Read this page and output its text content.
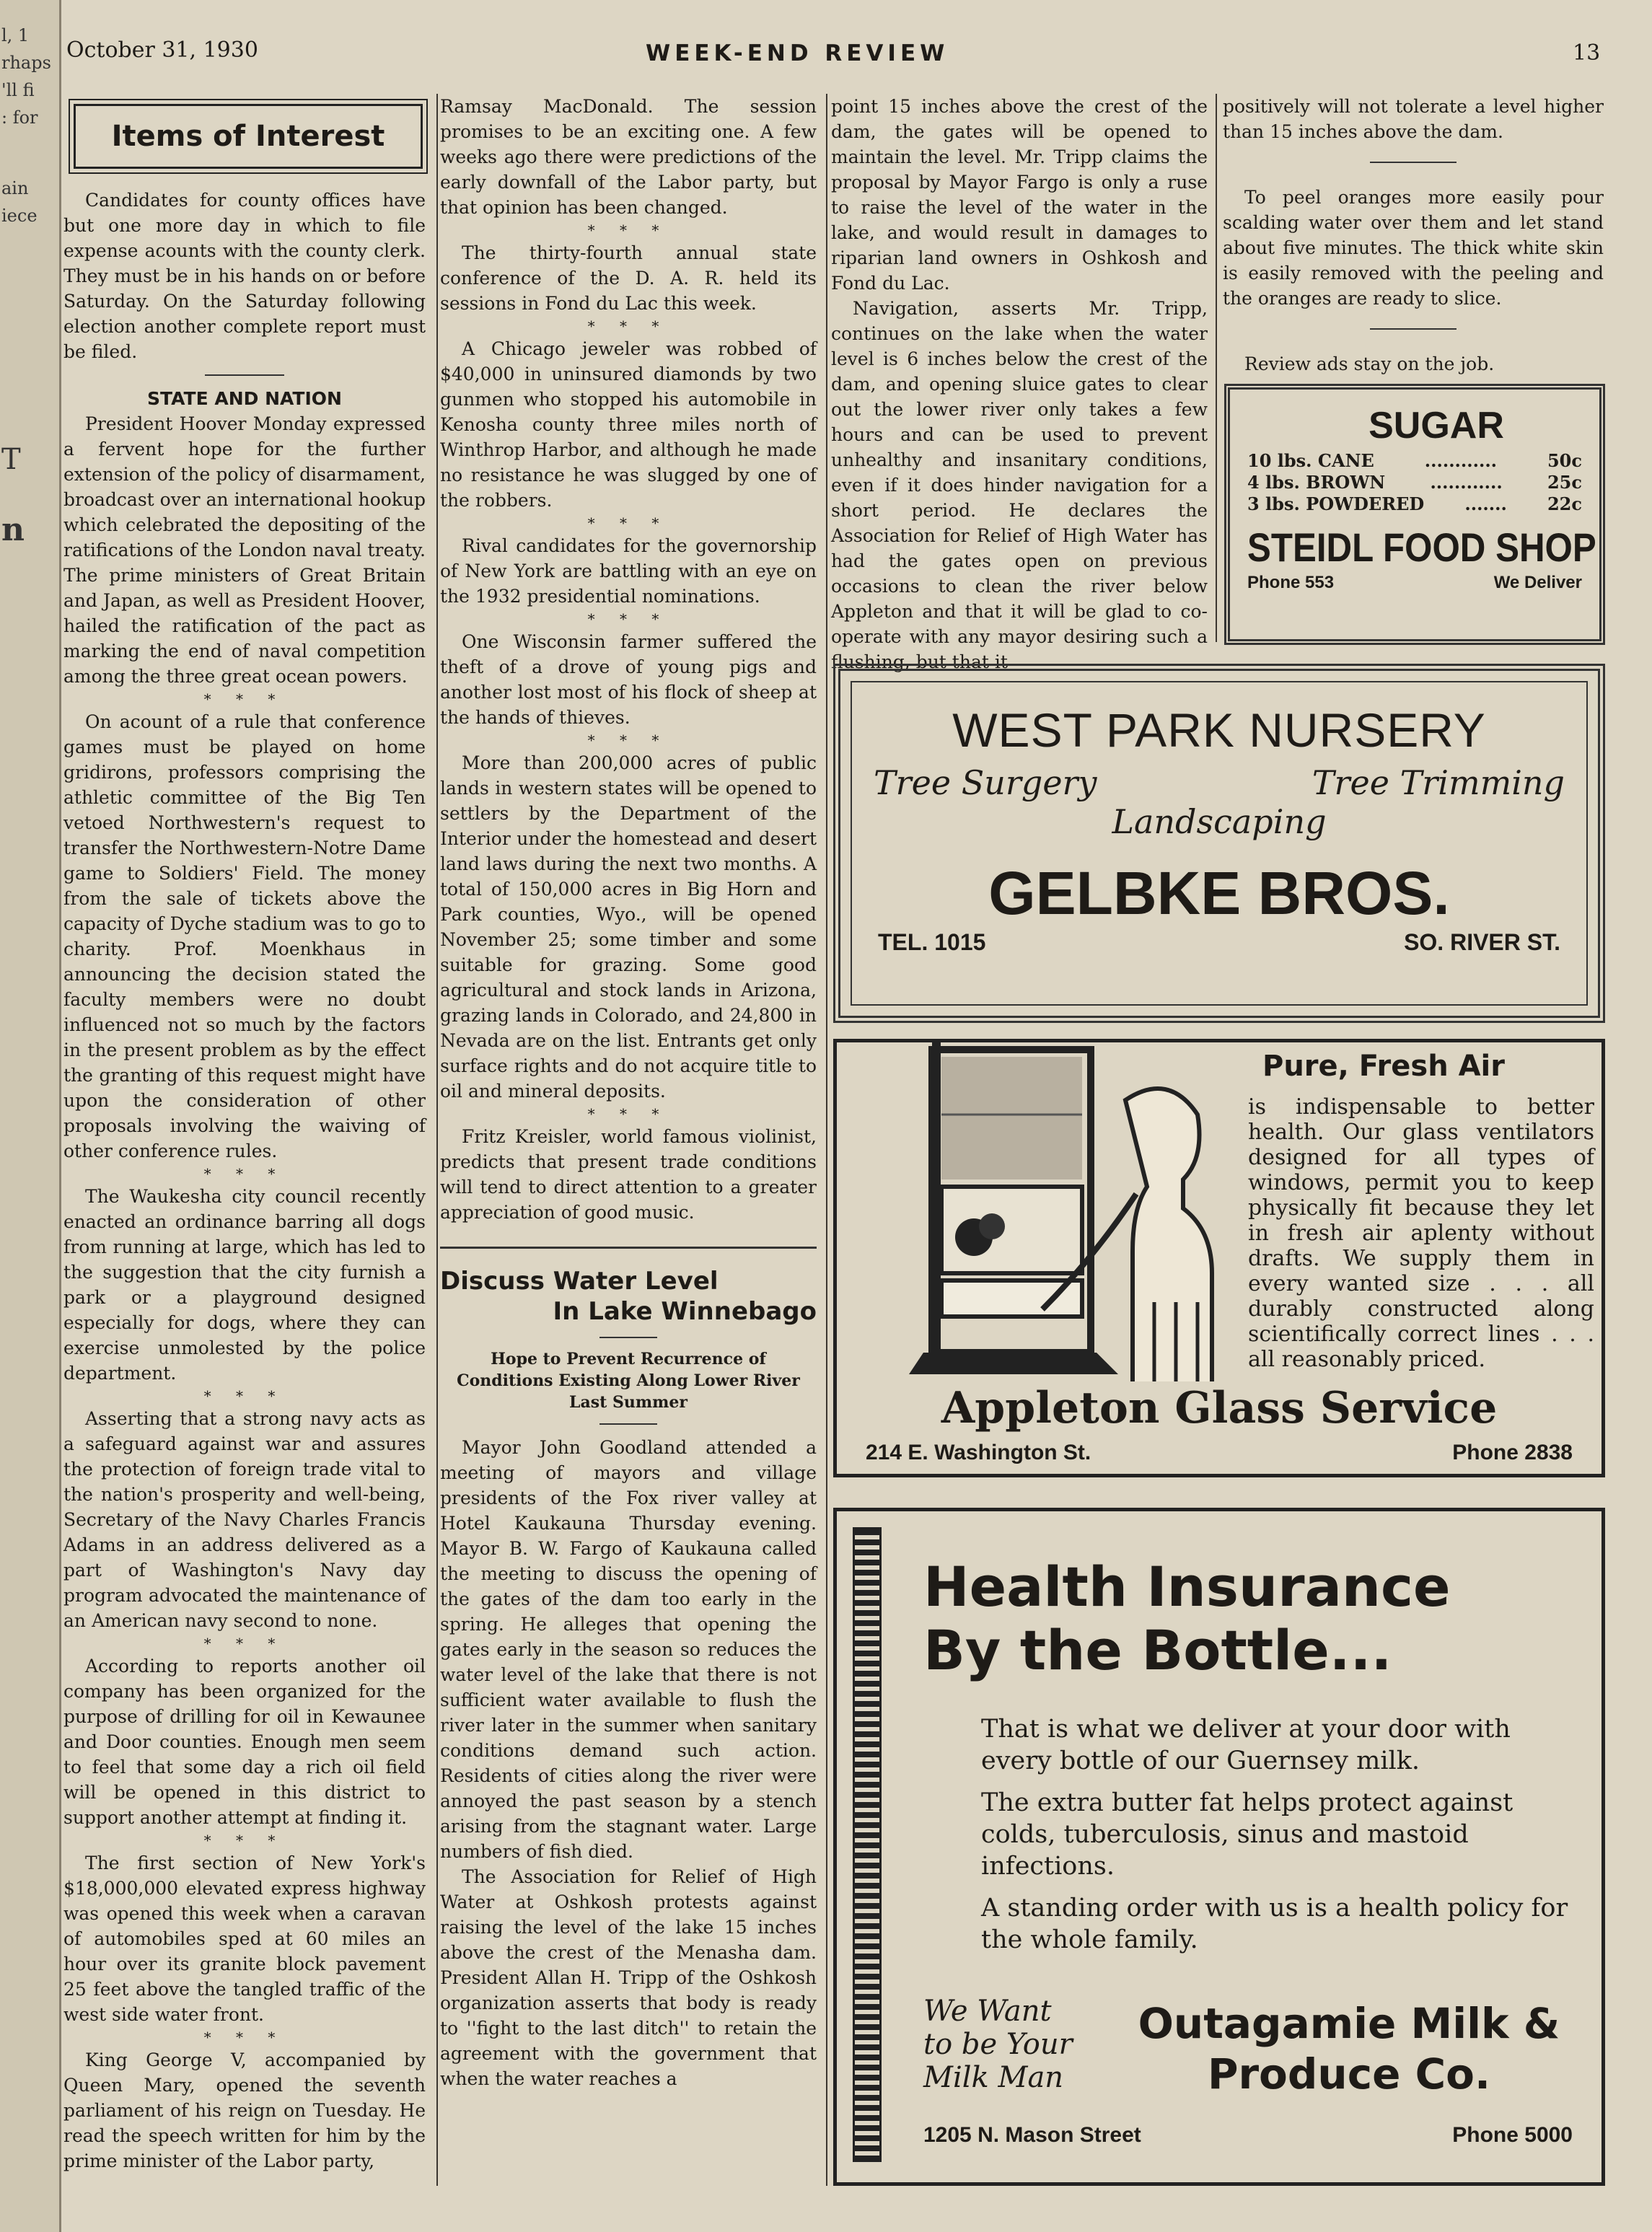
l, 1
rhaps
'll fi
: for
ain
iece
T
n
October 31, 1930	WEEK-END REVIEW	13
Items of Interest

Candidates for county offices have but one more day in which to file expense acounts with the county clerk. They must be in his hands on or before Saturday. On the Saturday following election another complete report must be filed.

STATE AND NATION

President Hoover Monday expressed a fervent hope for the further extension of the policy of disarmament, broadcast over an international hookup which celebrated the depositing of the ratifications of the London naval treaty. The prime ministers of Great Britain and Japan, as well as President Hoover, hailed the ratification of the pact as marking the end of naval competition among the three great ocean powers.

* * *

On acount of a rule that conference games must be played on home gridirons, professors comprising the athletic committee of the Big Ten vetoed Northwestern's request to transfer the Northwestern-Notre Dame game to Soldiers' Field. The money from the sale of tickets above the capacity of Dyche stadium was to go to charity. Prof. Moenkhaus in announcing the decision stated the faculty members were no doubt influenced not so much by the factors in the present problem as by the effect the granting of this request might have upon the consideration of other proposals involving the waiving of other conference rules.

* * *

The Waukesha city council recently enacted an ordinance barring all dogs from running at large, which has led to the suggestion that the city furnish a park or a playground designed especially for dogs, where they can exercise unmolested by the police department.

* * *

Asserting that a strong navy acts as a safeguard against war and assures the protection of foreign trade vital to the nation's prosperity and well-being, Secretary of the Navy Charles Francis Adams in an address delivered as a part of Washington's Navy day program advocated the maintenance of an American navy second to none.

* * *

According to reports another oil company has been organized for the purpose of drilling for oil in Kewaunee and Door counties. Enough men seem to feel that some day a rich oil field will be opened in this district to support another attempt at finding it.

* * *

The first section of New York's $18,000,000 elevated express highway was opened this week when a caravan of automobiles sped at 60 miles an hour over its granite block pavement 25 feet above the tangled traffic of the west side water front.

* * *

King George V, accompanied by Queen Mary, opened the seventh parliament of his reign on Tuesday. He read the speech written for him by the prime minister of the Labor party,

Ramsay MacDonald. The session promises to be an exciting one. A few weeks ago there were predictions of the early downfall of the Labor party, but that opinion has been changed.

* * *

The thirty-fourth annual state conference of the D. A. R. held its sessions in Fond du Lac this week.

* * *

A Chicago jeweler was robbed of $40,000 in uninsured diamonds by two gunmen who stopped his automobile in Kenosha county three miles north of Winthrop Harbor, and although he made no resistance he was slugged by one of the robbers.

* * *

Rival candidates for the governorship of New York are battling with an eye on the 1932 presidential nominations.

* * *

One Wisconsin farmer suffered the theft of a drove of young pigs and another lost most of his flock of sheep at the hands of thieves.

* * *

More than 200,000 acres of public lands in western states will be opened to settlers by the Department of the Interior under the homestead and desert land laws during the next two months. A total of 150,000 acres in Big Horn and Park counties, Wyo., will be opened November 25; some timber and some suitable for grazing. Some good agricultural and stock lands in Arizona, grazing lands in Colorado, and 24,800 in Nevada are on the list. Entrants get only surface rights and do not acquire title to oil and mineral deposits.

* * *

Fritz Kreisler, world famous violinist, predicts that present trade conditions will tend to direct attention to a greater appreciation of good music.

Discuss Water Level
In Lake Winnebago
Hope to Prevent Recurrence of Conditions Existing Along Lower River Last Summer

Mayor John Goodland attended a meeting of mayors and village presidents of the Fox river valley at Hotel Kaukauna Thursday evening. Mayor B. W. Fargo of Kaukauna called the meeting to discuss the opening of the gates of the dam too early in the spring. He alleges that opening the gates early in the season so reduces the water level of the lake that there is not sufficient water available to flush the river later in the summer when sanitary conditions demand such action. Residents of cities along the river were annoyed the past season by a stench arising from the stagnant water. Large numbers of fish died.

The Association for Relief of High Water at Oshkosh protests against raising the level of the lake 15 inches above the crest of the Menasha dam. President Allan H. Tripp of the Oshkosh organization asserts that body is ready to ''fight to the last ditch'' to retain the agreement with the government that when the water reaches a

point 15 inches above the crest of the dam, the gates will be opened to maintain the level. Mr. Tripp claims the proposal by Mayor Fargo is only a ruse to raise the level of the water in the lake, and would result in damages to riparian land owners in Oshkosh and Fond du Lac.

Navigation, asserts Mr. Tripp, continues on the lake when the water level is 6 inches below the crest of the dam, and opening sluice gates to clear out the lower river only takes a few hours and can be used to prevent unhealthy and insanitary conditions, even if it does hinder navigation for a short period. He declares the Association for Relief of High Water has had the gates open on previous occasions to clean the river below Appleton and that it will be glad to co-operate with any mayor desiring such a flushing, but that it

positively will not tolerate a level higher than 15 inches above the dam.

To peel oranges more easily pour scalding water over them and let stand about five minutes. The thick white skin is easily removed with the peeling and the oranges are ready to slice.

Review ads stay on the job.

SUGAR
10 lbs. CANE	............	50c
4 lbs. BROWN	............	25c
3 lbs. POWDERED	.......	22c
STEIDL FOOD SHOP
Phone 553	We Deliver
WEST PARK NURSERY
Tree Surgery	Tree Trimming
Landscaping
GELBKE BROS.
TEL. 1015	SO. RIVER ST.
Pure, Fresh Air
is indispensable to better health. Our glass ventilators designed for all types of windows, permit you to keep physically fit because they let in fresh air aplenty without drafts. We supply them in every wanted size . . . all durably constructed along scientifically correct lines . . . all reasonably priced.
Appleton Glass Service
214 E. Washington St.	Phone 2838
Health Insurance
By the Bottle...
That is what we deliver at your door with every bottle of our Guernsey milk.
The extra butter fat helps protect against colds, tuberculosis, sinus and mastoid infections.
A standing order with us is a health policy for the whole family.
We Want
to be Your
Milk Man
Outagamie Milk &
Produce Co.
1205 N. Mason Street	Phone 5000
